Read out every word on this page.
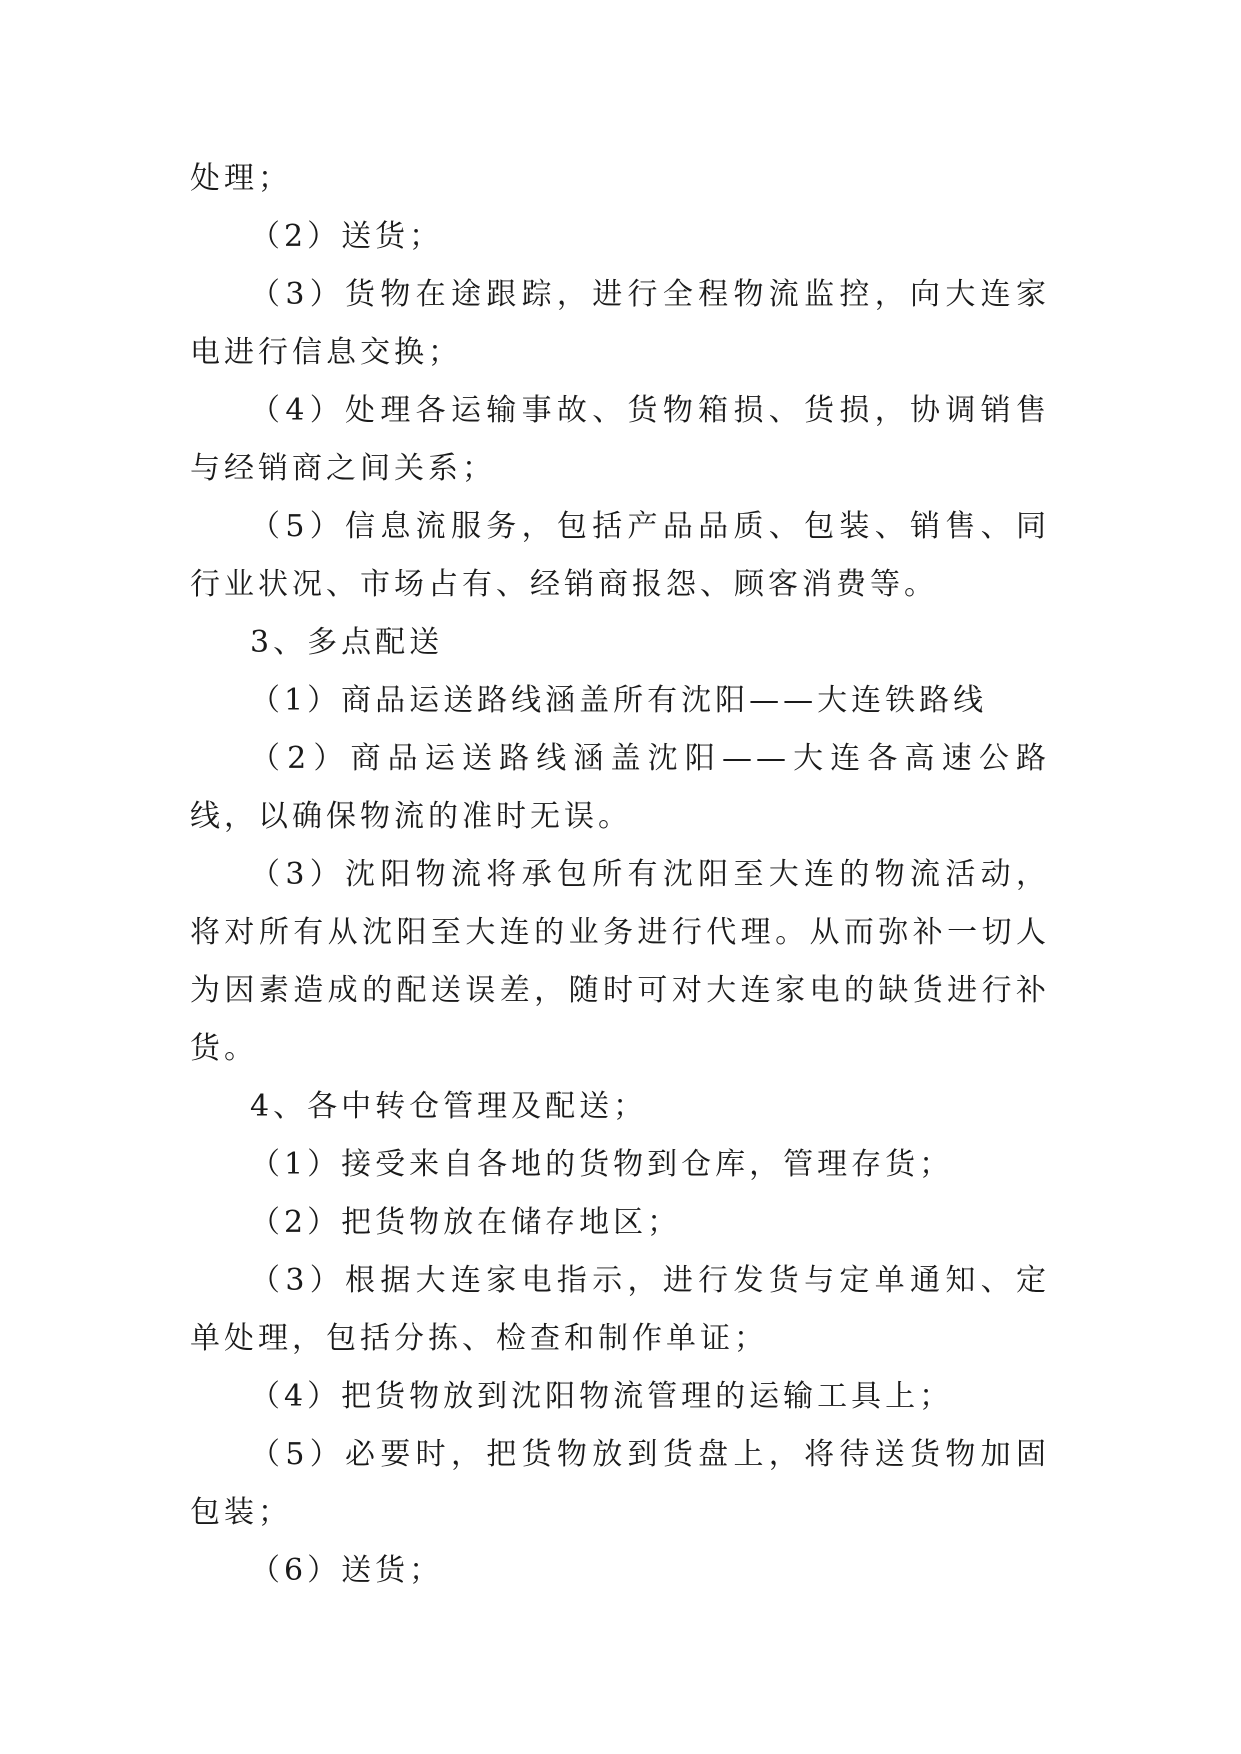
处理；

（2）送货；

（3）货物在途跟踪，进行全程物流监控，向大连家电进行信息交换；

（4）处理各运输事故、货物箱损、货损，协调销售与经销商之间关系；

（5）信息流服务，包括产品品质、包装、销售、同行业状况、市场占有、经销商报怨、顾客消费等。

3、多点配送

（1）商品运送路线涵盖所有沈阳——大连铁路线

（2）商品运送路线涵盖沈阳——大连各高速公路线，以确保物流的准时无误。

（3）沈阳物流将承包所有沈阳至大连的物流活动，将对所有从沈阳至大连的业务进行代理。从而弥补一切人为因素造成的配送误差，随时可对大连家电的缺货进行补货。

4、各中转仓管理及配送；

（1）接受来自各地的货物到仓库，管理存货；

（2）把货物放在储存地区；

（3）根据大连家电指示，进行发货与定单通知、定单处理，包括分拣、检查和制作单证；

（4）把货物放到沈阳物流管理的运输工具上；

（5）必要时，把货物放到货盘上，将待送货物加固包装；

（6）送货；
